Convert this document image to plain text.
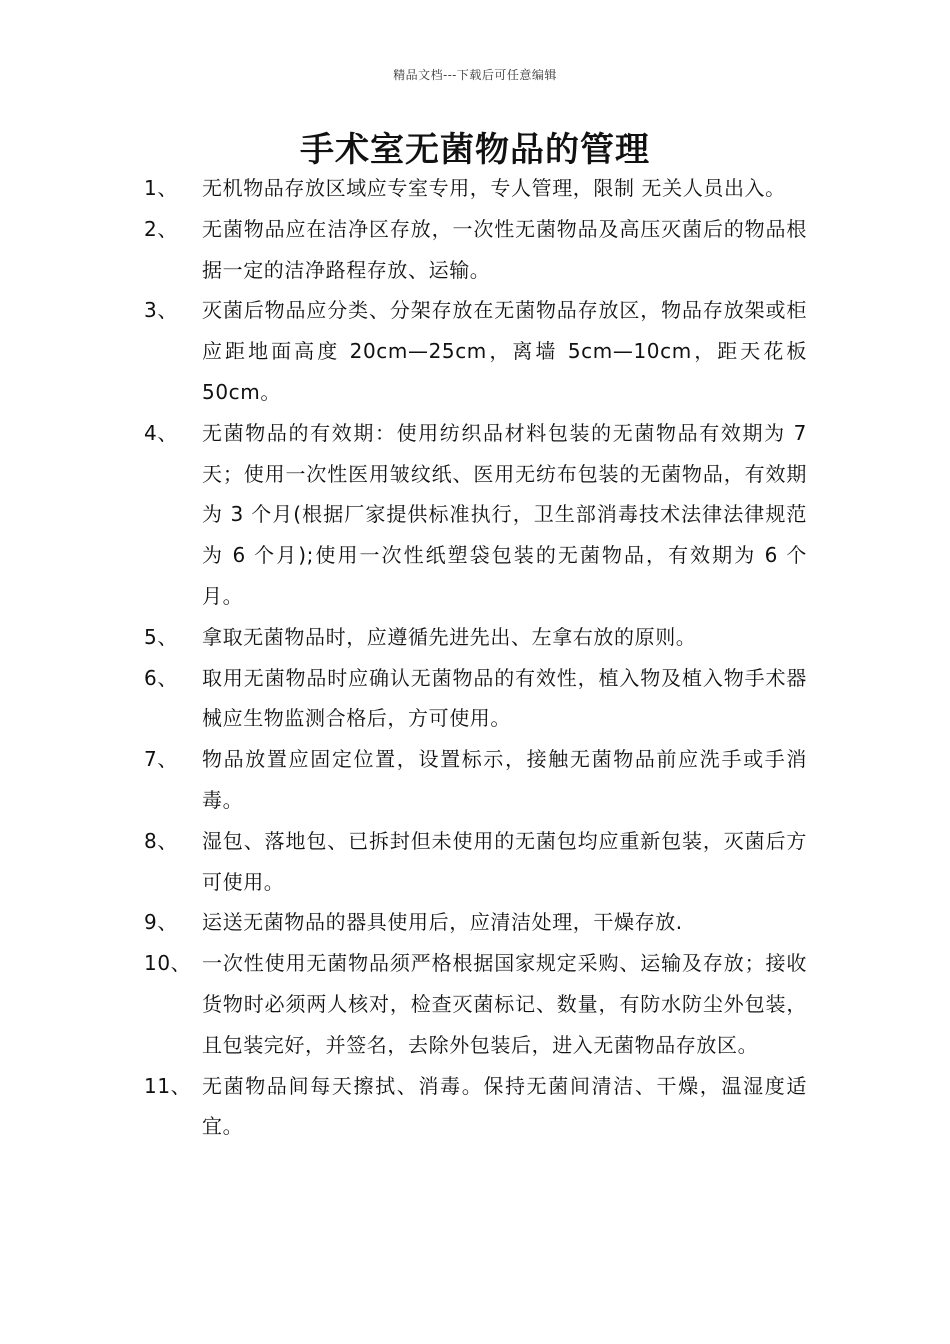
精品文档---下载后可任意编辑
手术室无菌物品的管理
1、 无机物品存放区域应专室专用，专人管理，限制 无关人员出入。
2、 无菌物品应在洁净区存放，一次性无菌物品及高压灭菌后的物品根据一定的洁净路程存放、运输。
3、 灭菌后物品应分类、分架存放在无菌物品存放区，物品存放架或柜应距地面高度 20cm—25cm，离墙 5cm—10cm，距天花板 50cm。
4、 无菌物品的有效期：使用纺织品材料包装的无菌物品有效期为 7 天；使用一次性医用皱纹纸、医用无纺布包装的无菌物品，有效期为 3 个月(根据厂家提供标准执行，卫生部消毒技术法律法律规范为 6 个月);使用一次性纸塑袋包装的无菌物品，有效期为 6 个月。
5、 拿取无菌物品时，应遵循先进先出、左拿右放的原则。
6、 取用无菌物品时应确认无菌物品的有效性，植入物及植入物手术器械应生物监测合格后，方可使用。
7、 物品放置应固定位置，设置标示，接触无菌物品前应洗手或手消毒。
8、 湿包、落地包、已拆封但未使用的无菌包均应重新包装，灭菌后方可使用。
9、 运送无菌物品的器具使用后，应清洁处理，干燥存放.
10、 一次性使用无菌物品须严格根据国家规定采购、运输及存放；接收货物时必须两人核对，检查灭菌标记、数量，有防水防尘外包装，且包装完好，并签名，去除外包装后，进入无菌物品存放区。
11、 无菌物品间每天擦拭、消毒。保持无菌间清洁、干燥，温湿度适宜。
